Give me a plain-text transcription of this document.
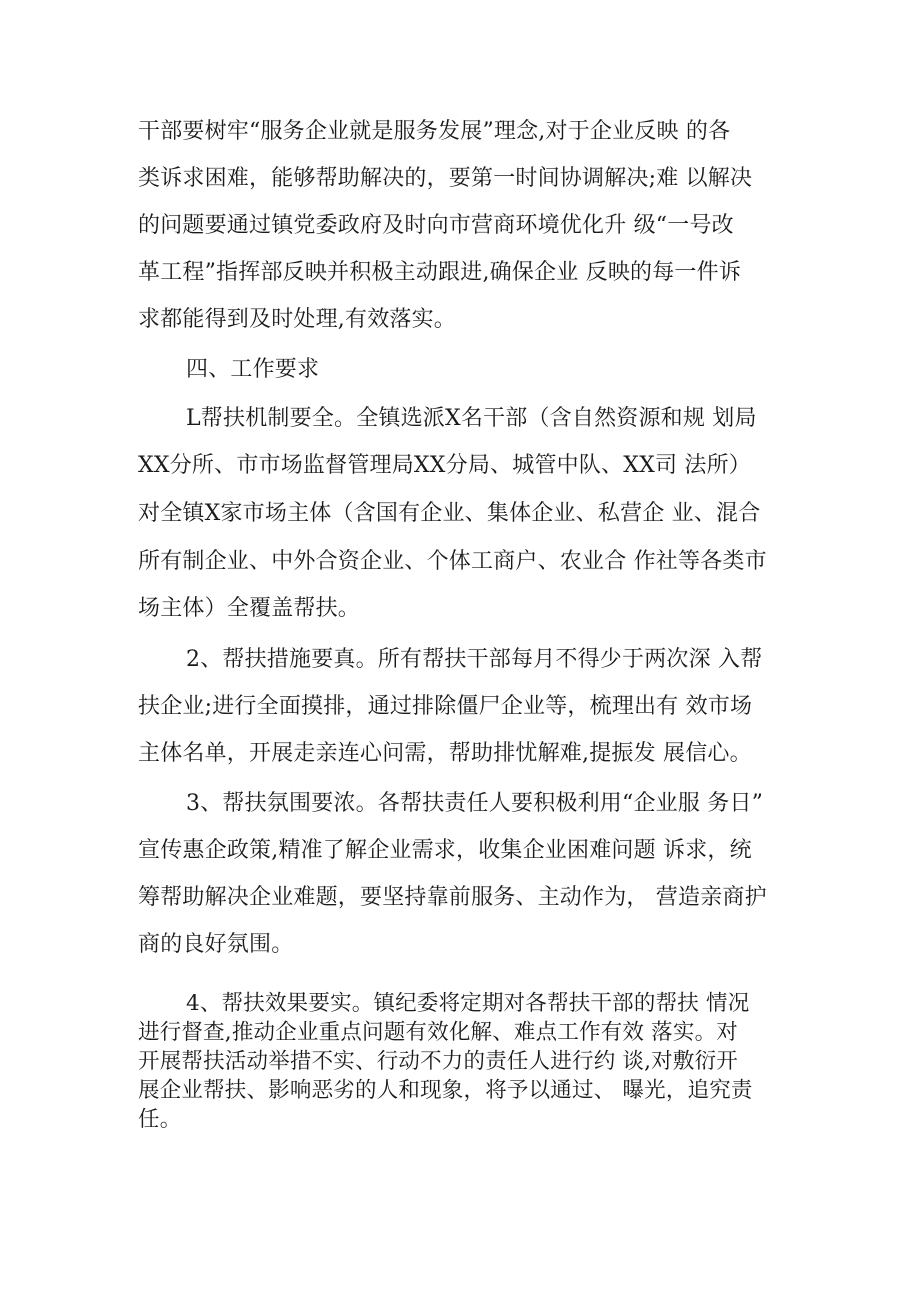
干部要树牢“服务企业就是服务发展”理念,对于企业反映 的各
类诉求困难，能够帮助解决的，要第一时间协调解决;难 以解决
的问题要通过镇党委政府及时向市营商环境优化升 级“一号改
革工程”指挥部反映并积极主动跟进,确保企业 反映的每一件诉
求都能得到及时处理,有效落实。
四、工作要求
L帮扶机制要全。全镇选派X名干部（含自然资源和规 划局
XX分所、市市场监督管理局XX分局、城管中队、XX司 法所）
对全镇X家市场主体（含国有企业、集体企业、私营企 业、混合
所有制企业、中外合资企业、个体工商户、农业合 作社等各类市
场主体）全覆盖帮扶。
2、帮扶措施要真。所有帮扶干部每月不得少于两次深 入帮
扶企业;进行全面摸排，通过排除僵尸企业等，梳理出有 效市场
主体名单，开展走亲连心问需，帮助排忧解难,提振发 展信心。
3、帮扶氛围要浓。各帮扶责任人要积极利用“企业服 务日”
宣传惠企政策,精准了解企业需求，收集企业困难问题 诉求，统
筹帮助解决企业难题，要坚持靠前服务、主动作为， 营造亲商护
商的良好氛围。
4、帮扶效果要实。镇纪委将定期对各帮扶干部的帮扶 情况
进行督查,推动企业重点问题有效化解、难点工作有效 落实。对
开展帮扶活动举措不实、行动不力的责任人进行约 谈,对敷衍开
展企业帮扶、影响恶劣的人和现象，将予以通过、 曝光，追究责
任。
